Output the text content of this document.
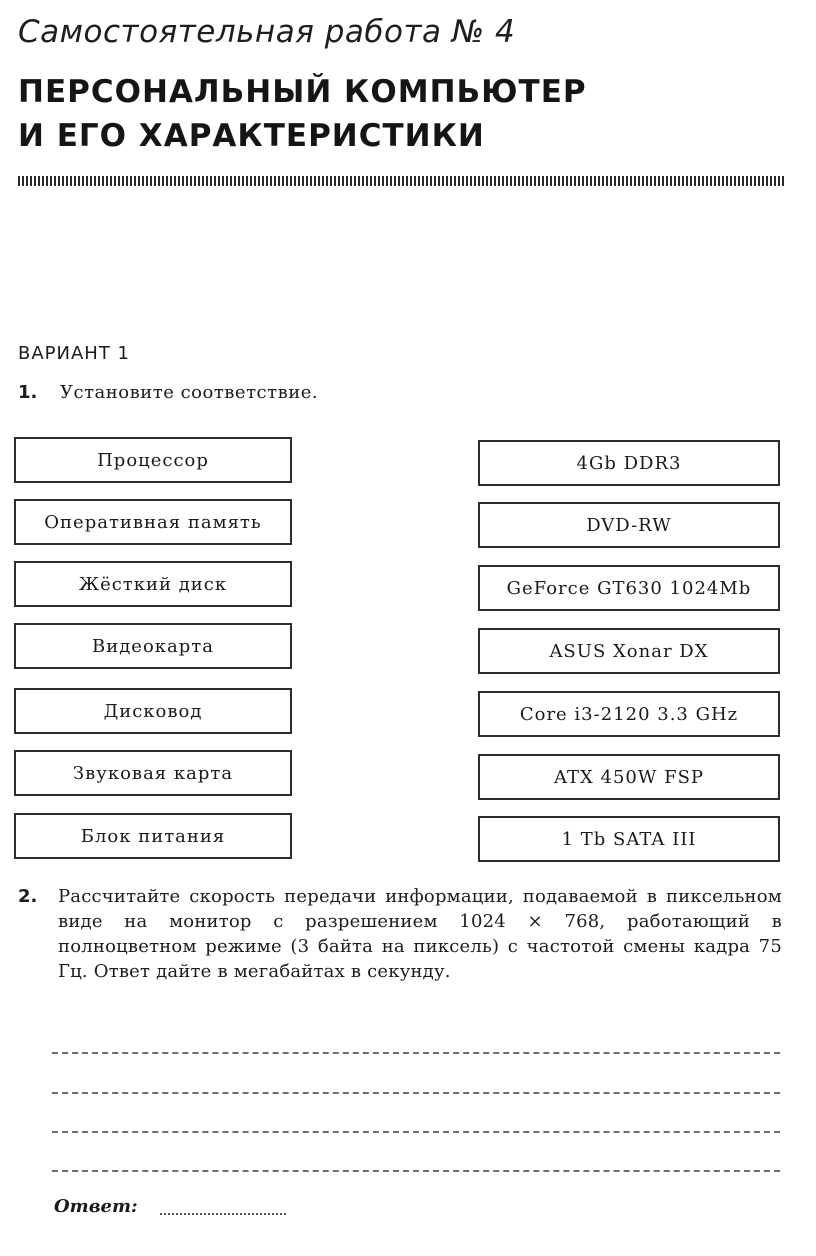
Самостоятельная работа № 4
ПЕРСОНАЛЬНЫЙ КОМПЬЮТЕР
И ЕГО ХАРАКТЕРИСТИКИ
ВАРИАНТ 1
1. Установите соответствие.
Процессор
Оперативная память
Жёсткий диск
Видеокарта
Дисковод
Звуковая карта
Блок питания
4Gb DDR3
DVD-RW
GeForce GT630 1024Mb
ASUS Xonar DX
Core i3-2120 3.3 GHz
ATX 450W FSP
1 Tb SATA III
2. Рассчитайте скорость передачи информации, подаваемой в пиксельном виде на монитор с разрешением 1024 × 768, работающий в полноцветном режиме (3 байта на пиксель) с частотой смены кадра 75 Гц. Ответ дайте в мегабайтах в секунду.
Ответ:
